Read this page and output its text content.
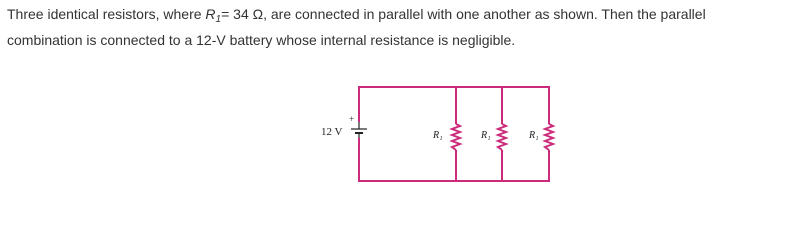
Three identical resistors, where $R_1= 34$ Ω, are connected in parallel with one another as shown. Then the parallel
combination is connected to a 12-V battery whose internal resistance is negligible.

+
12 V	R₁	R₁	R₁
